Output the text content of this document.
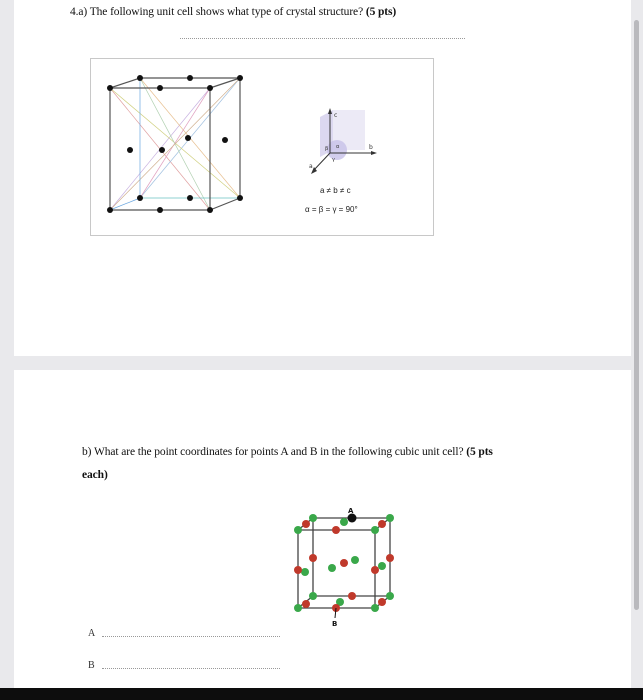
4.a) The following unit cell shows what type of crystal structure? (5 pts)
c
b
a
α
β
γ
a ≠ b ≠ c
α = β = γ = 90°
b) What are the point coordinates for points A and B in the following cubic unit cell? (5 pts
each)
A
B
A
B
